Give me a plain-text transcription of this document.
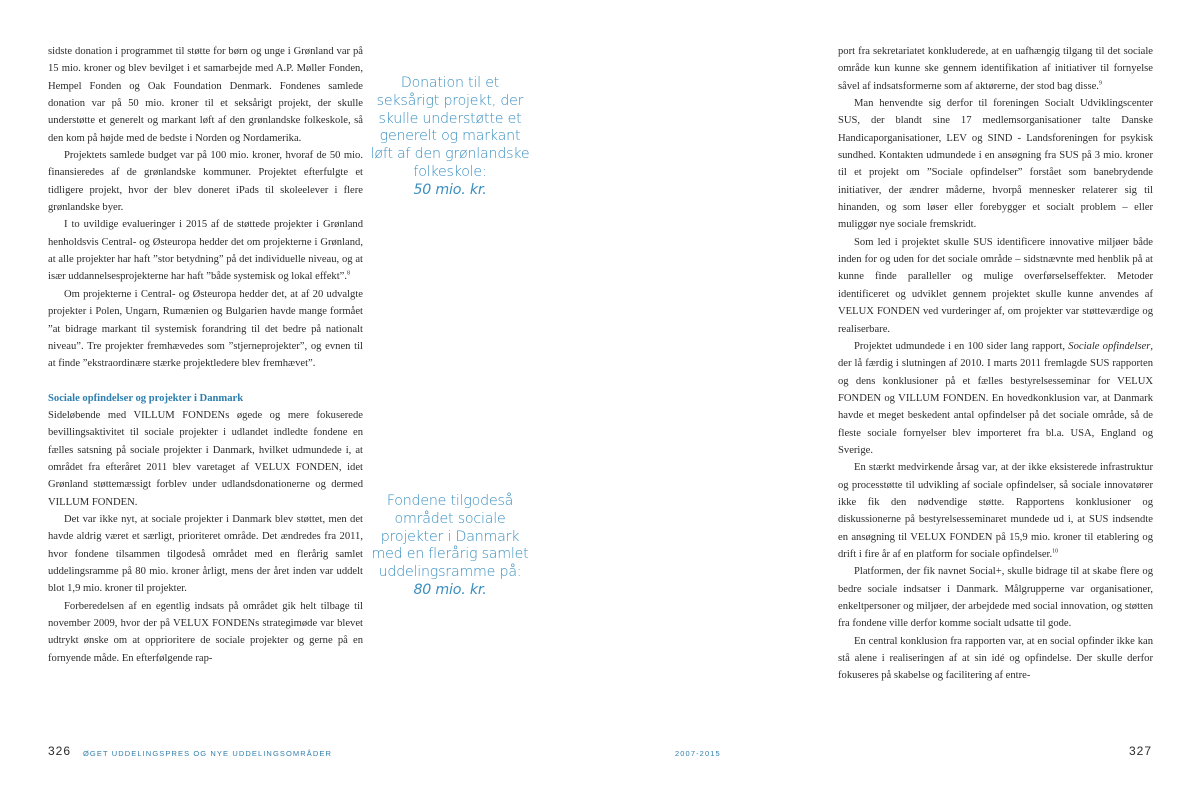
sidste donation i programmet til støtte for børn og unge i Grønland var på 15 mio. kroner og blev bevilget i et samarbejde med A.P. Møller Fonden, Hempel Fonden og Oak Foundation Denmark. Fondenes samlede donation var på 50 mio. kroner til et seksårigt projekt, der skulle understøtte et generelt og markant løft af den grønlandske folkeskole, så den kom på højde med de bedste i Norden og Nordamerika.

Projektets samlede budget var på 100 mio. kroner, hvoraf de 50 mio. finansieredes af de grønlandske kommuner. Projektet efterfulgte et tidligere projekt, hvor der blev doneret iPads til skoleelever i flere grønlandske byer.

I to uvildige evalueringer i 2015 af de støttede projekter i Grønland henholdsvis Central- og Østeuropa hedder det om projekterne i Grønland, at alle projekter har haft ”stor betydning” på det individuelle niveau, og at især uddannelsesprojekterne har haft ”både systemisk og lokal effekt”.$^8$

Om projekterne i Central- og Østeuropa hedder det, at af 20 udvalgte projekter i Polen, Ungarn, Rumænien og Bulgarien havde mange formået ”at bidrage markant til systemisk forandring til det bedre på nationalt niveau”. Tre projekter fremhævedes som ”stjerneprojekter”, og evnen til at finde ”ekstraordinære stærke projektledere blev fremhævet”.

Sociale opfindelser og projekter i Danmark

Sideløbende med VILLUM FONDENs øgede og mere fokuserede bevillingsaktivitet til sociale projekter i udlandet indledte fondene en fælles satsning på sociale projekter i Danmark, hvilket udmundede i, at området fra efteråret 2011 blev varetaget af VELUX FONDEN, idet Grønland støttemæssigt forblev under udlandsdonationerne og dermed VILLUM FONDEN.

Det var ikke nyt, at sociale projekter i Danmark blev støttet, men det havde aldrig været et særligt, prioriteret område. Det ændredes fra 2011, hvor fondene tilsammen tilgodeså området med en flerårig samlet uddelingsramme på 80 mio. kroner årligt, mens der året inden var uddelt blot 1,9 mio. kroner til projekter.

Forberedelsen af en egentlig indsats på området gik helt tilbage til november 2009, hvor der på VELUX FONDENs strategimøde var blevet udtrykt ønske om at opprioritere de sociale projekter og gerne på en fornyende måde. En efterfølgende rap-

Donation til et seksårigt projekt, der skulle understøtte et generelt og markant løft af den grønlandske folkeskole:
50 mio. kr.
Fondene tilgodeså området sociale projekter i Danmark med en flerårig samlet uddelingsramme på:
80 mio. kr.

port fra sekretariatet konkluderede, at en uafhængig tilgang til det sociale område kun kunne ske gennem identifikation af initiativer til fornyelse såvel af indsatsformerne som af aktørerne, der stod bag disse.$^9$

Man henvendte sig derfor til foreningen Socialt Udviklingscenter SUS, der blandt sine 17 medlemsorganisationer talte Danske Handicaporganisationer, LEV og SIND - Landsforeningen for psykisk sundhed. Kontakten udmundede i en ansøgning fra SUS på 3 mio. kroner til et projekt om ”Sociale opfindelser” forstået som banebrydende initiativer, der ændrer måderne, hvorpå mennesker relaterer sig til hinanden, og som løser eller forebygger et socialt problem – eller muliggør nye sociale fremskridt.

Som led i projektet skulle SUS identificere innovative miljøer både inden for og uden for det sociale område – sidstnævnte med henblik på at kunne finde paralleller og mulige overførselseffekter. Metoder identificeret og udviklet gennem projektet skulle kunne anvendes af VELUX FONDEN ved vurderinger af, om projekter var støtteværdige og realiserbare.

Projektet udmundede i en 100 sider lang rapport, Sociale opfindelser, der lå færdig i slutningen af 2010. I marts 2011 fremlagde SUS rapporten og dens konklusioner på et fælles bestyrelsesseminar for VELUX FONDEN og VILLUM FONDEN. En hovedkonklusion var, at Danmark havde et meget beskedent antal opfindelser på det sociale område, så de fleste sociale fornyelser blev importeret fra bl.a. USA, England og Sverige.

En stærkt medvirkende årsag var, at der ikke eksisterede infrastruktur og processtøtte til udvikling af sociale opfindelser, så sociale innovatører ikke fik den nødvendige støtte. Rapportens konklusioner og diskussionerne på bestyrelsesseminaret mundede ud i, at SUS indsendte en ansøgning til VELUX FONDEN på 15,9 mio. kroner til etablering og drift i fire år af en platform for sociale opfindelser.$^{10}$

Platformen, der fik navnet Social+, skulle bidrage til at skabe flere og bedre sociale indsatser i Danmark. Målgrupperne var organisationer, enkeltpersoner og miljøer, der arbejdede med social innovation, og støtten fra fondene ville derfor komme socialt udsatte til gode.

En central konklusion fra rapporten var, at en social opfinder ikke kan stå alene i realiseringen af at sin idé og opfindelse. Der skulle derfor fokuseres på skabelse og facilitering af entre-

326 ØGET UDDELINGSPRES OG NYE UDDELINGSOMRÅDER	2007-2015	327
